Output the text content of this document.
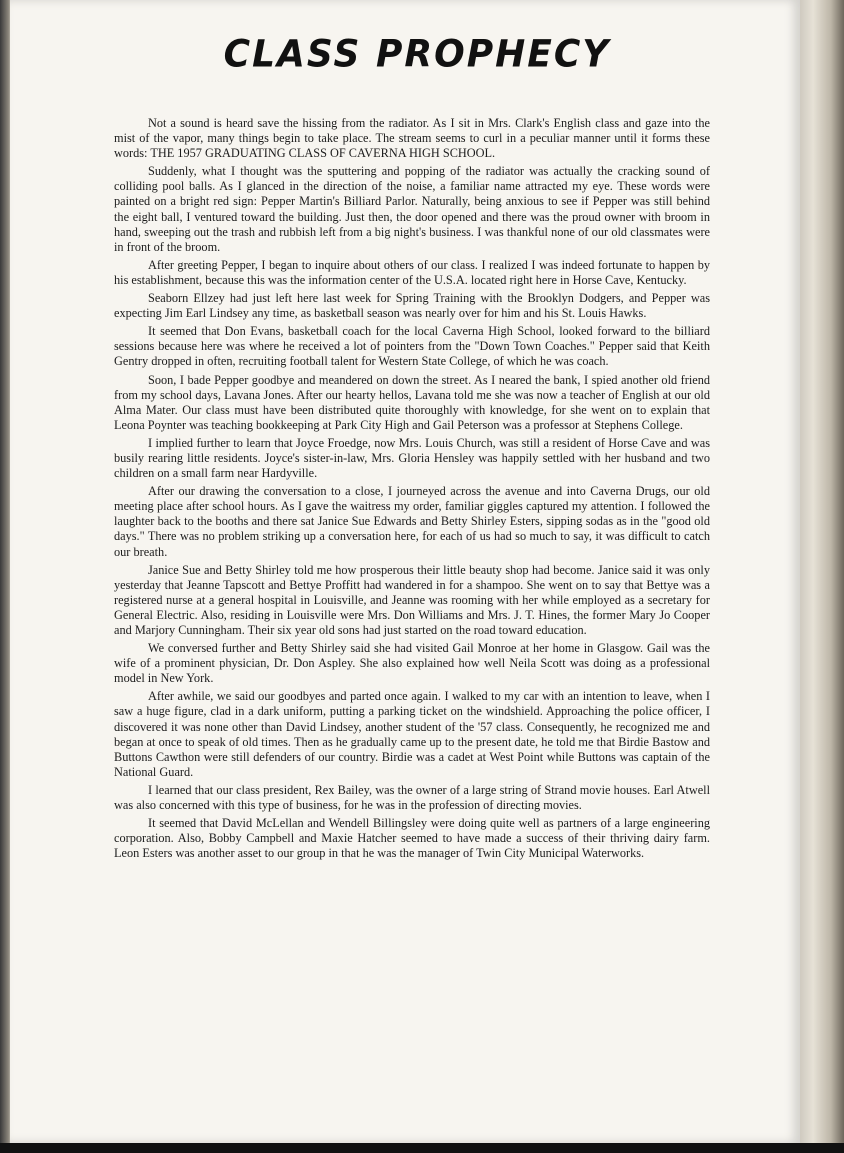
CLASS PROPHECY

Not a sound is heard save the hissing from the radiator. As I sit in Mrs. Clark's English class and gaze into the mist of the vapor, many things begin to take place. The stream seems to curl in a peculiar manner until it forms these words: THE 1957 GRADUATING CLASS OF CAVERNA HIGH SCHOOL.

Suddenly, what I thought was the sputtering and popping of the radiator was actually the cracking sound of colliding pool balls. As I glanced in the direction of the noise, a familiar name attracted my eye. These words were painted on a bright red sign: Pepper Martin's Billiard Parlor. Naturally, being anxious to see if Pepper was still behind the eight ball, I ventured toward the building. Just then, the door opened and there was the proud owner with broom in hand, sweeping out the trash and rubbish left from a big night's business. I was thankful none of our old classmates were in front of the broom.

After greeting Pepper, I began to inquire about others of our class. I realized I was indeed fortunate to happen by his establishment, because this was the information center of the U.S.A. located right here in Horse Cave, Kentucky.

Seaborn Ellzey had just left here last week for Spring Training with the Brooklyn Dodgers, and Pepper was expecting Jim Earl Lindsey any time, as basketball season was nearly over for him and his St. Louis Hawks.

It seemed that Don Evans, basketball coach for the local Caverna High School, looked forward to the billiard sessions because here was where he received a lot of pointers from the "Down Town Coaches." Pepper said that Keith Gentry dropped in often, recruiting football talent for Western State College, of which he was coach.

Soon, I bade Pepper goodbye and meandered on down the street. As I neared the bank, I spied another old friend from my school days, Lavana Jones. After our hearty hellos, Lavana told me she was now a teacher of English at our old Alma Mater. Our class must have been distributed quite thoroughly with knowledge, for she went on to explain that Leona Poynter was teaching bookkeeping at Park City High and Gail Peterson was a professor at Stephens College.

I implied further to learn that Joyce Froedge, now Mrs. Louis Church, was still a resident of Horse Cave and was busily rearing little residents. Joyce's sister-in-law, Mrs. Gloria Hensley was happily settled with her husband and two children on a small farm near Hardyville.

After our drawing the conversation to a close, I journeyed across the avenue and into Caverna Drugs, our old meeting place after school hours. As I gave the waitress my order, familiar giggles captured my attention. I followed the laughter back to the booths and there sat Janice Sue Edwards and Betty Shirley Esters, sipping sodas as in the "good old days." There was no problem striking up a conversation here, for each of us had so much to say, it was difficult to catch our breath.

Janice Sue and Betty Shirley told me how prosperous their little beauty shop had become. Janice said it was only yesterday that Jeanne Tapscott and Bettye Proffitt had wandered in for a shampoo. She went on to say that Bettye was a registered nurse at a general hospital in Louisville, and Jeanne was rooming with her while employed as a secretary for General Electric. Also, residing in Louisville were Mrs. Don Williams and Mrs. J. T. Hines, the former Mary Jo Cooper and Marjory Cunningham. Their six year old sons had just started on the road toward education.

We conversed further and Betty Shirley said she had visited Gail Monroe at her home in Glasgow. Gail was the wife of a prominent physician, Dr. Don Aspley. She also explained how well Neila Scott was doing as a professional model in New York.

After awhile, we said our goodbyes and parted once again. I walked to my car with an intention to leave, when I saw a huge figure, clad in a dark uniform, putting a parking ticket on the windshield. Approaching the police officer, I discovered it was none other than David Lindsey, another student of the '57 class. Consequently, he recognized me and began at once to speak of old times. Then as he gradually came up to the present date, he told me that Birdie Bastow and Buttons Cawthon were still defenders of our country. Birdie was a cadet at West Point while Buttons was captain of the National Guard.

I learned that our class president, Rex Bailey, was the owner of a large string of Strand movie houses. Earl Atwell was also concerned with this type of business, for he was in the profession of directing movies.

It seemed that David McLellan and Wendell Billingsley were doing quite well as partners of a large engineering corporation. Also, Bobby Campbell and Maxie Hatcher seemed to have made a success of their thriving dairy farm. Leon Esters was another asset to our group in that he was the manager of Twin City Municipal Waterworks.
